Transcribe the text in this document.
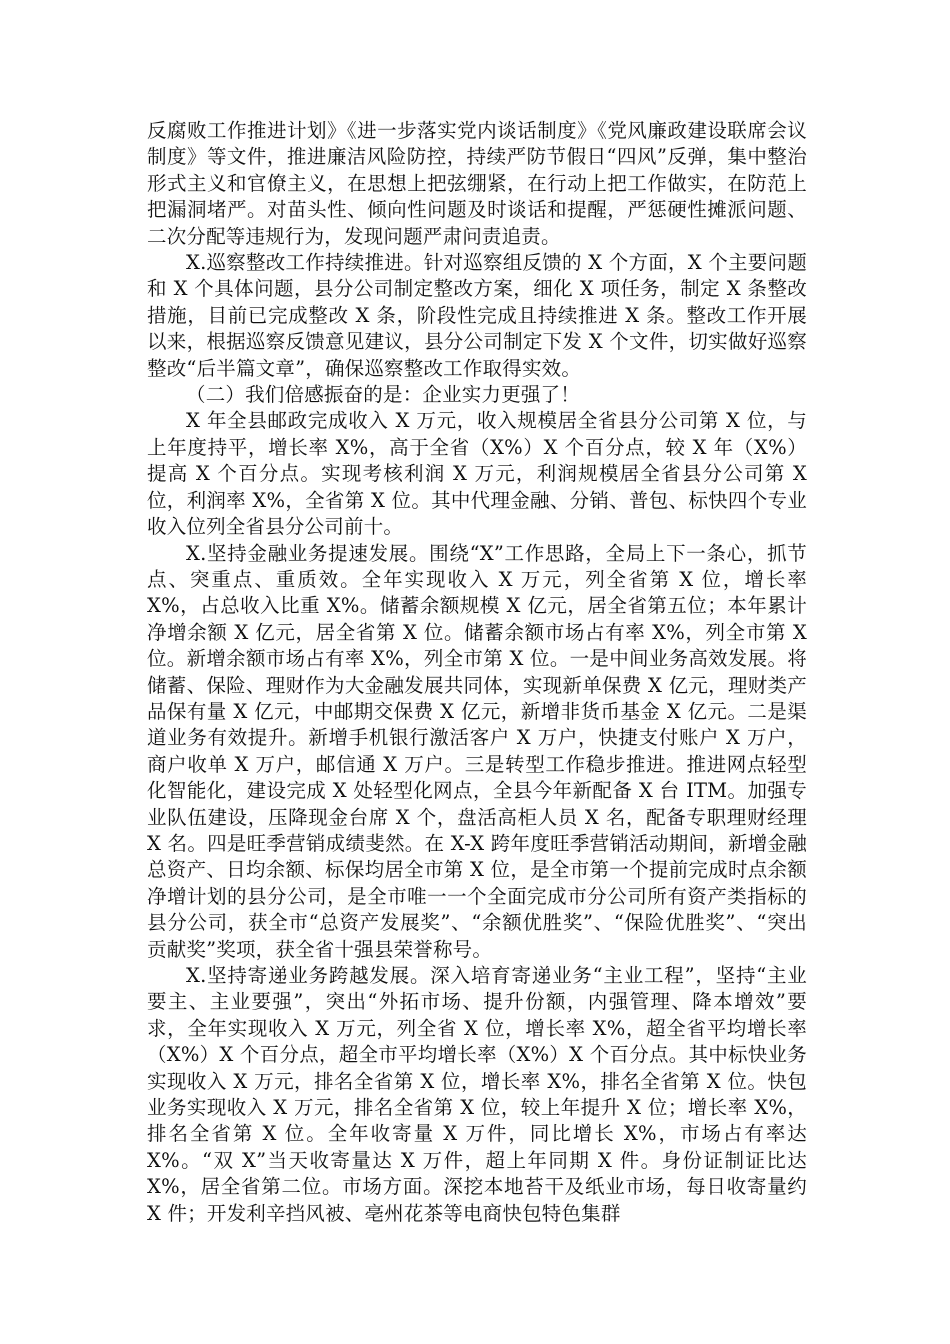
反腐败工作推进计划》《进一步落实党内谈话制度》《党风廉政建设联席会议制度》等文件，推进廉洁风险防控，持续严防节假日“四风”反弹，集中整治形式主义和官僚主义，在思想上把弦绷紧，在行动上把工作做实，在防范上把漏洞堵严。对苗头性、倾向性问题及时谈话和提醒，严惩硬性摊派问题、二次分配等违规行为，发现问题严肃问责追责。

X.巡察整改工作持续推进。针对巡察组反馈的 X 个方面，X 个主要问题和 X 个具体问题，县分公司制定整改方案，细化 X 项任务，制定 X 条整改措施，目前已完成整改 X 条，阶段性完成且持续推进 X 条。整改工作开展以来，根据巡察反馈意见建议，县分公司制定下发 X 个文件，切实做好巡察整改“后半篇文章”，确保巡察整改工作取得实效。

（二）我们倍感振奋的是：企业实力更强了！

X 年全县邮政完成收入 X 万元，收入规模居全省县分公司第 X 位，与上年度持平，增长率 X%，高于全省（X%）X 个百分点，较 X 年（X%）提高 X 个百分点。实现考核利润 X 万元，利润规模居全省县分公司第 X 位，利润率 X%，全省第 X 位。其中代理金融、分销、普包、标快四个专业收入位列全省县分公司前十。

X.坚持金融业务提速发展。围绕“X”工作思路，全局上下一条心，抓节点、突重点、重质效。全年实现收入 X 万元，列全省第 X 位，增长率 X%，占总收入比重 X%。储蓄余额规模 X 亿元，居全省第五位；本年累计净增余额 X 亿元，居全省第 X 位。储蓄余额市场占有率 X%，列全市第 X 位。新增余额市场占有率 X%，列全市第 X 位。一是中间业务高效发展。将储蓄、保险、理财作为大金融发展共同体，实现新单保费 X 亿元，理财类产品保有量 X 亿元，中邮期交保费 X 亿元，新增非货币基金 X 亿元。二是渠道业务有效提升。新增手机银行激活客户 X 万户，快捷支付账户 X 万户，商户收单 X 万户，邮信通 X 万户。三是转型工作稳步推进。推进网点轻型化智能化，建设完成 X 处轻型化网点，全县今年新配备 X 台 ITM。加强专业队伍建设，压降现金台席 X 个，盘活高柜人员 X 名，配备专职理财经理 X 名。四是旺季营销成绩斐然。在 X-X 跨年度旺季营销活动期间，新增金融总资产、日均余额、标保均居全市第 X 位，是全市第一个提前完成时点余额净增计划的县分公司，是全市唯一一个全面完成市分公司所有资产类指标的县分公司，获全市“总资产发展奖”、“余额优胜奖”、“保险优胜奖”、“突出贡献奖”奖项，获全省十强县荣誉称号。

X.坚持寄递业务跨越发展。深入培育寄递业务“主业工程”，坚持“主业要主、主业要强”，突出“外拓市场、提升份额，内强管理、降本增效”要求，全年实现收入 X 万元，列全省 X 位，增长率 X%，超全省平均增长率（X%）X 个百分点，超全市平均增长率（X%）X 个百分点。其中标快业务实现收入 X 万元，排名全省第 X 位，增长率 X%，排名全省第 X 位。快包业务实现收入 X 万元，排名全省第 X 位，较上年提升 X 位；增长率 X%，排名全省第 X 位。全年收寄量 X 万件，同比增长 X%，市场占有率达 X%。“双 X”当天收寄量达 X 万件，超上年同期 X 件。身份证制证比达 X%，居全省第二位。市场方面。深挖本地苔干及纸业市场，每日收寄量约 X 件；开发利辛挡风被、亳州花茶等电商快包特色集群
